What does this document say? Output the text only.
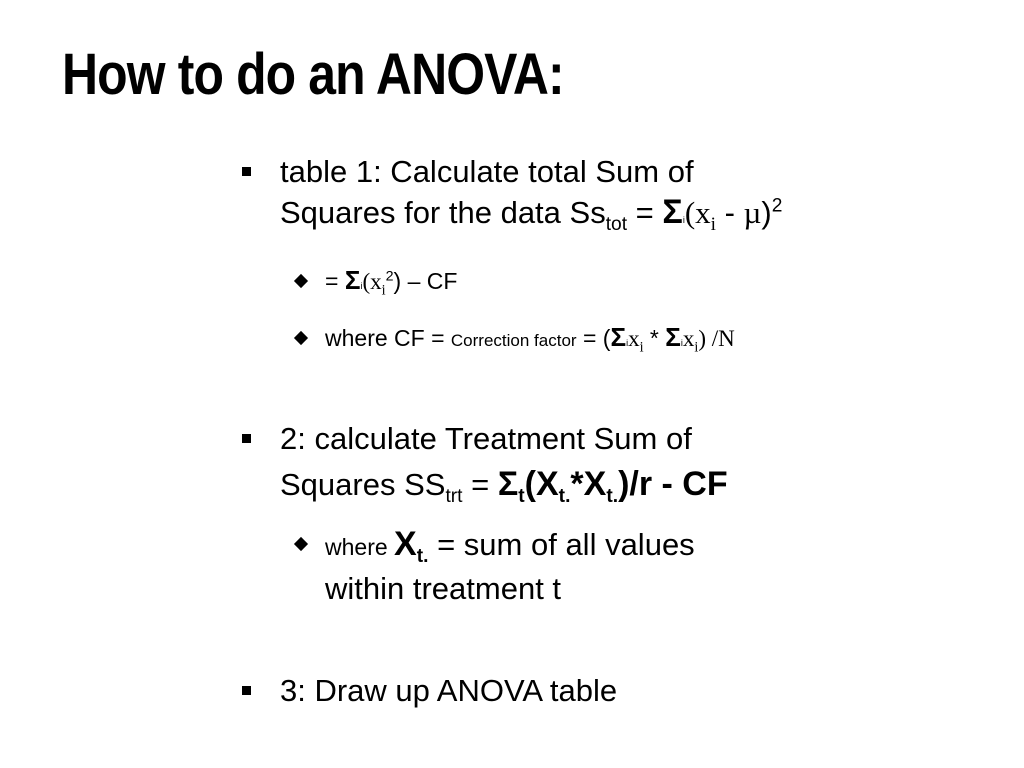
How to do an ANOVA:
table 1: Calculate total Sum of
Squares for the data $Ss_{tot} = \Sigma i(x_i - \mu)^2$
= $\Sigma i(x_i^2)$ – CF
where CF = Correction factor = (Σix$_i$ * Σix$_i$) /N
2: calculate Treatment Sum of
Squares $SS_{trt} = \Sigma_t(X_{t.}*X_{t.})/r$ - CF
where $X_{t.}$ = sum of all values
within treatment t
3: Draw up ANOVA table
